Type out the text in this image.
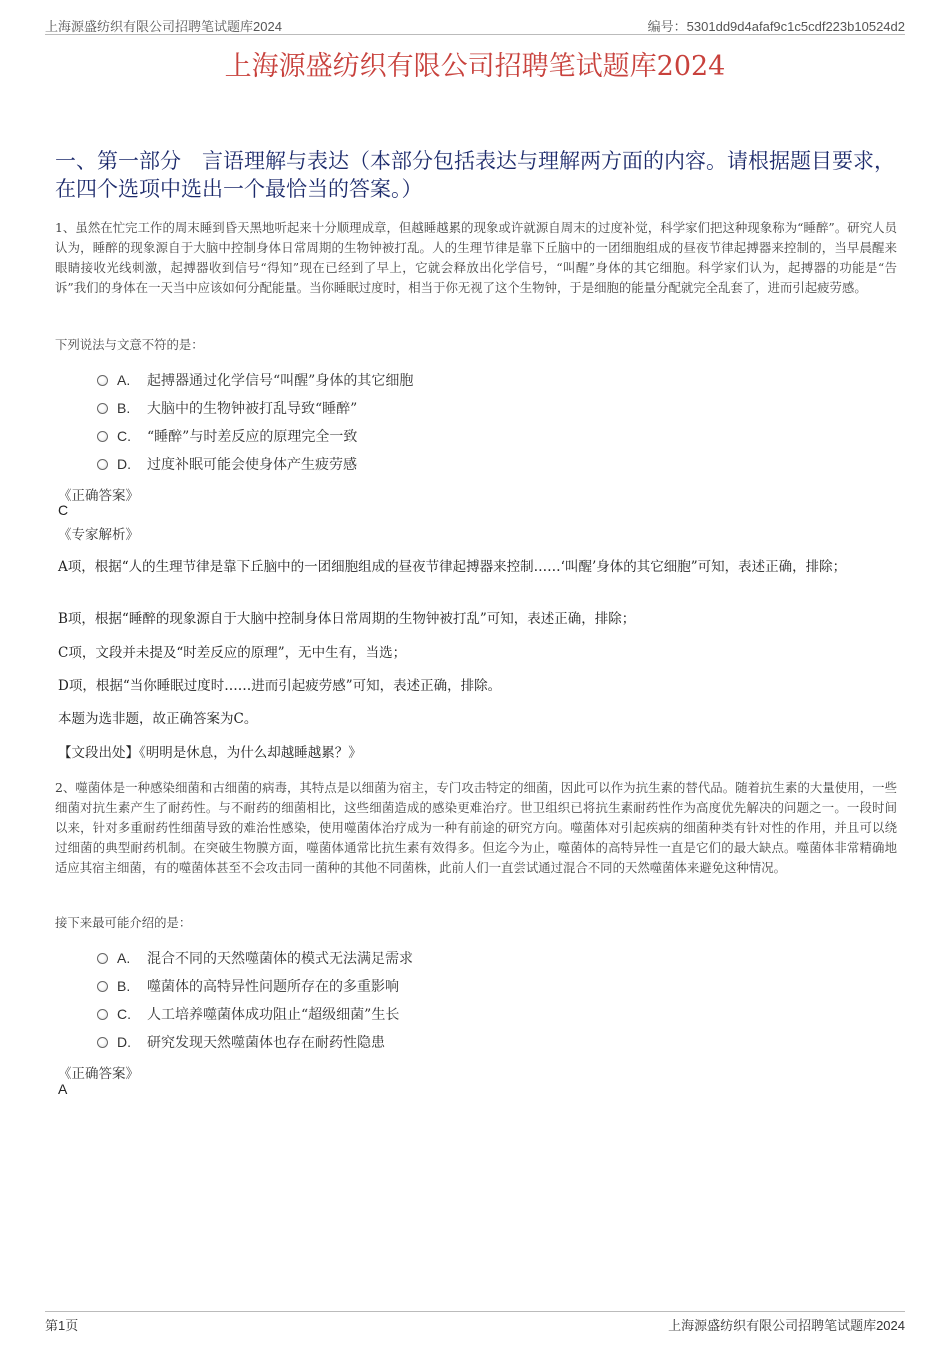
上海源盛纺织有限公司招聘笔试题库2024	编号：5301dd9d4afaf9c1c5cdf223b10524d2
上海源盛纺织有限公司招聘笔试题库2024
一、第一部分　言语理解与表达（本部分包括表达与理解两方面的内容。请根据题目要求，在四个选项中选出一个最恰当的答案。）
1、虽然在忙完工作的周末睡到昏天黑地听起来十分顺理成章，但越睡越累的现象或许就源自周末的过度补觉，科学家们把这种现象称为“睡醉”。研究人员认为，睡醉的现象源自于大脑中控制身体日常周期的生物钟被打乱。人的生理节律是靠下丘脑中的一团细胞组成的昼夜节律起搏器来控制的，当早晨醒来眼睛接收光线刺激，起搏器收到信号“得知”现在已经到了早上，它就会释放出化学信号，“叫醒”身体的其它细胞。科学家们认为，起搏器的功能是“告诉”我们的身体在一天当中应该如何分配能量。当你睡眠过度时，相当于你无视了这个生物钟，于是细胞的能量分配就完全乱套了，进而引起疲劳感。
下列说法与文意不符的是：
A.	起搏器通过化学信号“叫醒”身体的其它细胞
B.	大脑中的生物钟被打乱导致“睡醉”
C.	“睡醉”与时差反应的原理完全一致
D.	过度补眠可能会使身体产生疲劳感
《正确答案》
C
《专家解析》
A项，根据“人的生理节律是靠下丘脑中的一团细胞组成的昼夜节律起搏器来控制……‘叫醒’身体的其它细胞”可知，表述正确，排除；
B项，根据“睡醉的现象源自于大脑中控制身体日常周期的生物钟被打乱”可知，表述正确，排除；
C项，文段并未提及“时差反应的原理”，无中生有，当选；
D项，根据“当你睡眠过度时……进而引起疲劳感”可知，表述正确，排除。
本题为选非题，故正确答案为C。
【文段出处】《明明是休息，为什么却越睡越累？》
2、噬菌体是一种感染细菌和古细菌的病毒，其特点是以细菌为宿主，专门攻击特定的细菌，因此可以作为抗生素的替代品。随着抗生素的大量使用，一些细菌对抗生素产生了耐药性。与不耐药的细菌相比，这些细菌造成的感染更难治疗。世卫组织已将抗生素耐药性作为高度优先解决的问题之一。一段时间以来，针对多重耐药性细菌导致的难治性感染，使用噬菌体治疗成为一种有前途的研究方向。噬菌体对引起疾病的细菌种类有针对性的作用，并且可以绕过细菌的典型耐药机制。在突破生物膜方面，噬菌体通常比抗生素有效得多。但迄今为止，噬菌体的高特异性一直是它们的最大缺点。噬菌体非常精确地适应其宿主细菌，有的噬菌体甚至不会攻击同一菌种的其他不同菌株，此前人们一直尝试通过混合不同的天然噬菌体来避免这种情况。
接下来最可能介绍的是：
A.	混合不同的天然噬菌体的模式无法满足需求
B.	噬菌体的高特异性问题所存在的多重影响
C.	人工培养噬菌体成功阻止“超级细菌”生长
D.	研究发现天然噬菌体也存在耐药性隐患
《正确答案》
A
第1页	上海源盛纺织有限公司招聘笔试题库2024
